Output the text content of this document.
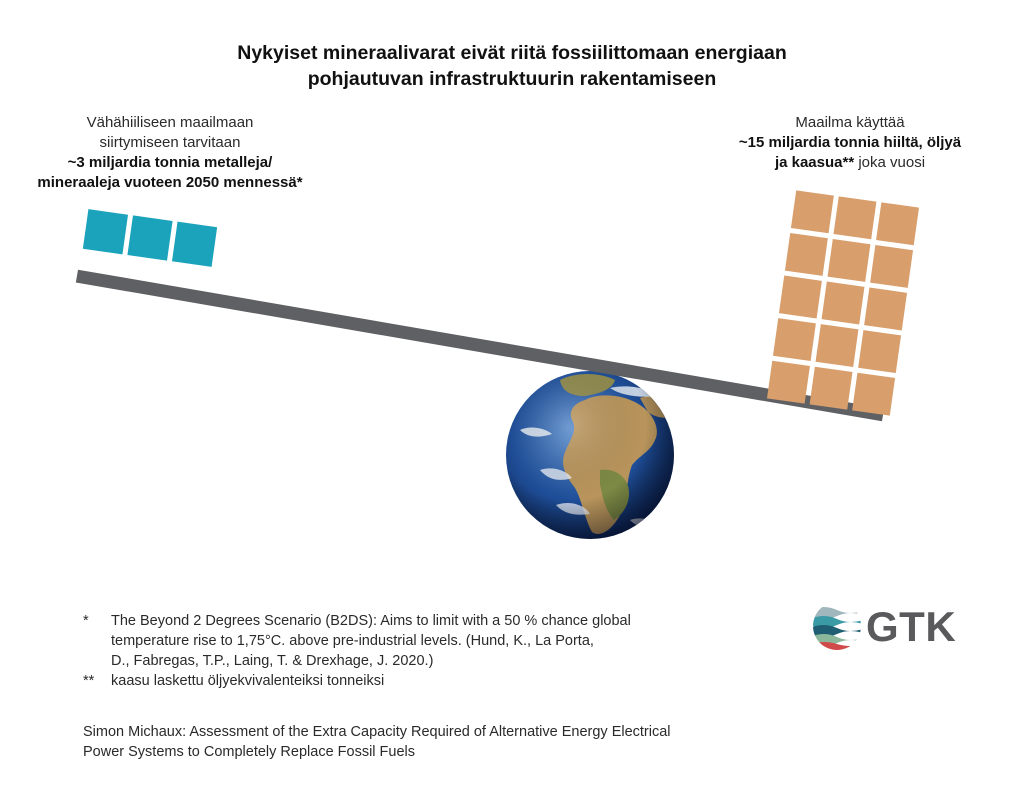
Nykyiset mineraalivarat eivät riitä fossiilittomaan energiaan
pohjautuvan infrastruktuurin rakentamiseen
Vähähiiliseen maailmaan
siirtymiseen tarvitaan
~3 miljardia tonnia metalleja/
mineraaleja vuoteen 2050 mennessä*
Maailma käyttää
~15 miljardia tonnia hiiltä, öljyä
ja kaasua** joka vuosi
GTK
* The Beyond 2 Degrees Scenario (B2DS): Aims to limit with a 50 % chance global
temperature rise to 1,75°C. above pre-industrial levels. (Hund, K., La Porta,
D., Fabregas, T.P., Laing, T. & Drexhage, J. 2020.)
** kaasu laskettu öljyekvivalenteiksi tonneiksi
Simon Michaux: Assessment of the Extra Capacity Required of Alternative Energy Electrical
Power Systems to Completely Replace Fossil Fuels
